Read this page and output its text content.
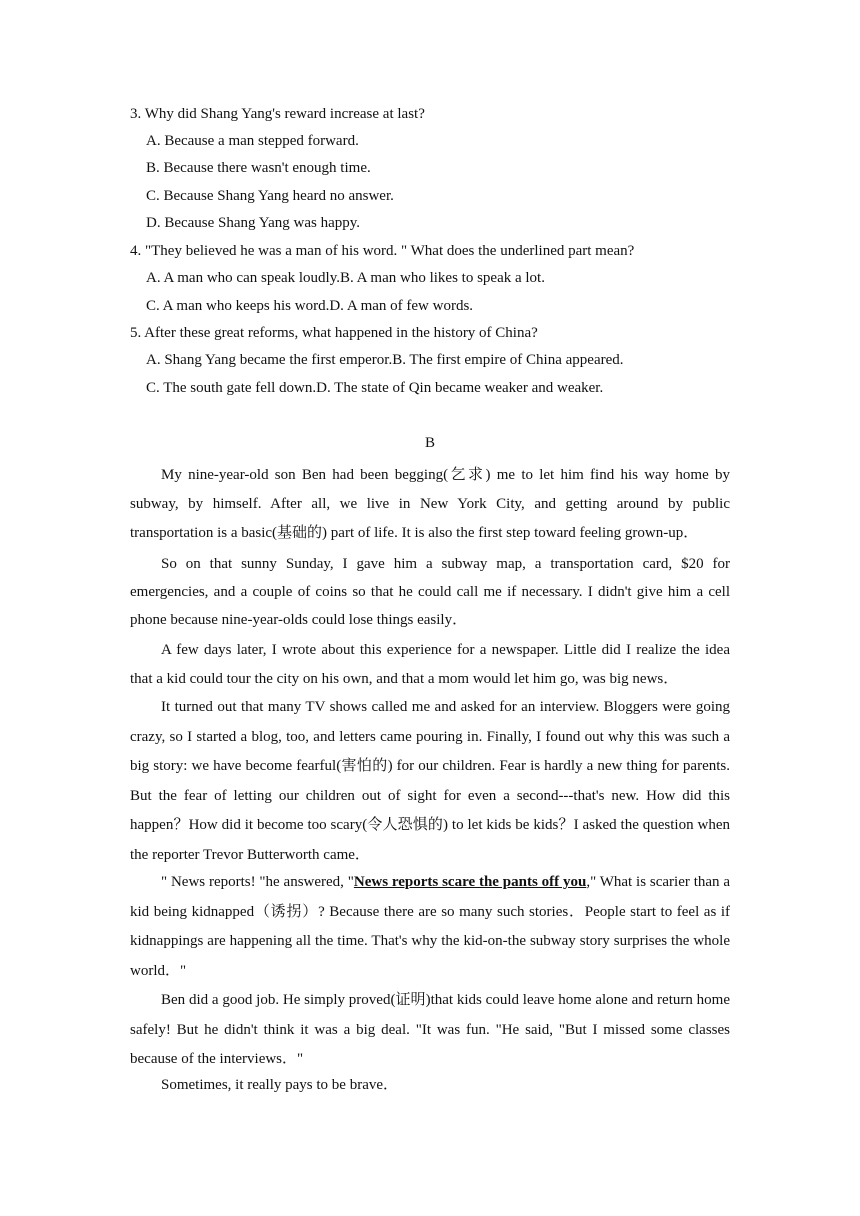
3. Why did Shang Yang's reward increase at last?
A. Because a man stepped forward.
B. Because there wasn't enough time.
C. Because Shang Yang heard no answer.
D. Because Shang Yang was happy.
4. "They believed he was a man of his word. " What does the underlined part mean?
A. A man who can speak loudly.B. A man who likes to speak a lot.
C. A man who keeps his word.D. A man of few words.
5. After these great reforms, what happened in the history of China?
A. Shang Yang became the first emperor.B. The first empire of China appeared.
C. The south gate fell down.D. The state of Qin became weaker and weaker.
B

My nine-year-old son Ben had been begging(乞求) me to let him find his way home by subway, by himself. After all, we live in New York City, and getting around by public transportation is a basic(基础的) part of life. It is also the first step toward feeling grown-up．

So on that sunny Sunday, I gave him a subway map, a transportation card, $20 for emergencies, and a couple of coins so that he could call me if necessary. I didn't give him a cell phone because nine-year-olds could lose things easily．

A few days later, I wrote about this experience for a newspaper. Little did I realize the idea that a kid could tour the city on his own, and that a mom would let him go, was big news．

It turned out that many TV shows called me and asked for an interview. Bloggers were going crazy, so I started a blog, too, and letters came pouring in. Finally, I found out why this was such a big story: we have become fearful(害怕的) for our children. Fear is hardly a new thing for parents. But the fear of letting our children out of sight for even a second---that's new. How did this happen？How did it become too scary(令人恐惧的) to let kids be kids？I asked the question when the reporter Trevor Butterworth came．

" News reports! "he answered, "News reports scare the pants off you," What is scarier than a kid being kidnapped（诱拐）? Because there are so many such stories．People start to feel as if kidnappings are happening all the time. That's why the kid-on-the subway story surprises the whole world．"

Ben did a good job. He simply proved(证明)that kids could leave home alone and return home safely! But he didn't think it was a big deal. "It was fun. "He said, "But I missed some classes because of the interviews．"

Sometimes, it really pays to be brave．
